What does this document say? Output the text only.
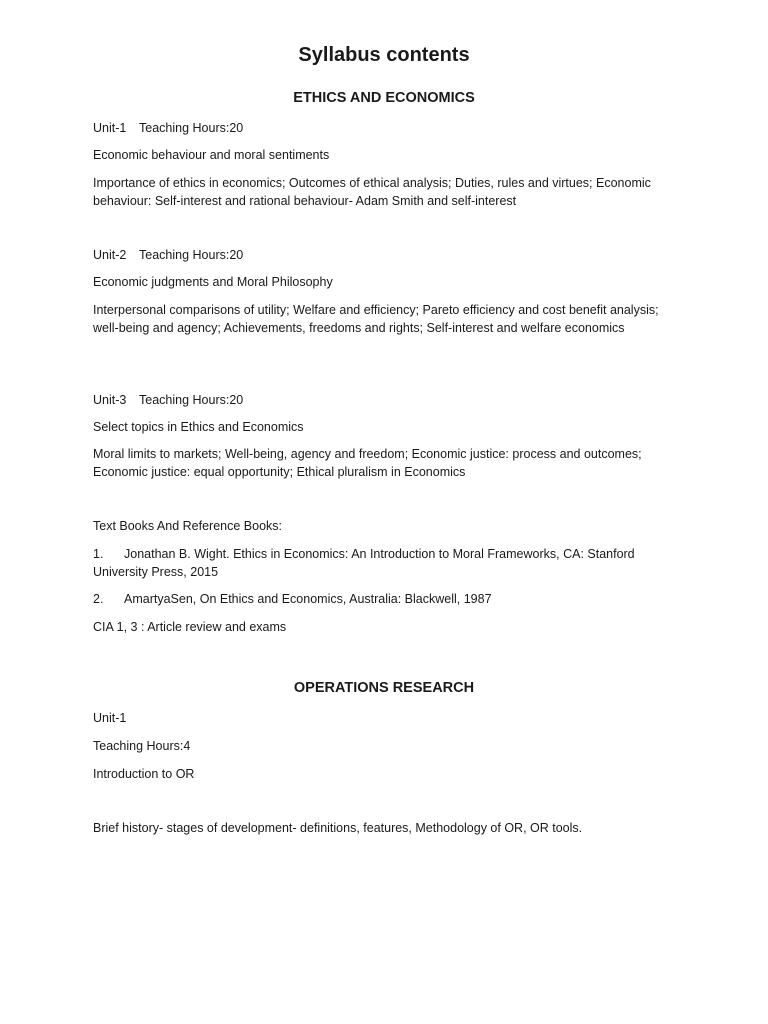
Syllabus contents
ETHICS AND ECONOMICS
Unit-1 Teaching Hours:20
Economic behaviour and moral sentiments
Importance of ethics in economics; Outcomes of ethical analysis; Duties, rules and virtues; Economic behaviour: Self-interest and rational behaviour- Adam Smith and self-interest
Unit-2 Teaching Hours:20
Economic judgments and Moral Philosophy
Interpersonal comparisons of utility; Welfare and efficiency; Pareto efficiency and cost benefit analysis; well-being and agency; Achievements, freedoms and rights; Self-interest and welfare economics
Unit-3 Teaching Hours:20
Select topics in Ethics and Economics
Moral limits to markets; Well-being, agency and freedom; Economic justice: process and outcomes; Economic justice: equal opportunity; Ethical pluralism in Economics
Text Books And Reference Books:
1. Jonathan B. Wight. Ethics in Economics: An Introduction to Moral Frameworks, CA: Stanford University Press, 2015
2. AmartyaSen, On Ethics and Economics, Australia: Blackwell, 1987
CIA 1, 3 : Article review and exams
OPERATIONS RESEARCH
Unit-1
Teaching Hours:4
Introduction to OR
Brief history- stages of development- definitions, features, Methodology of OR, OR tools.
